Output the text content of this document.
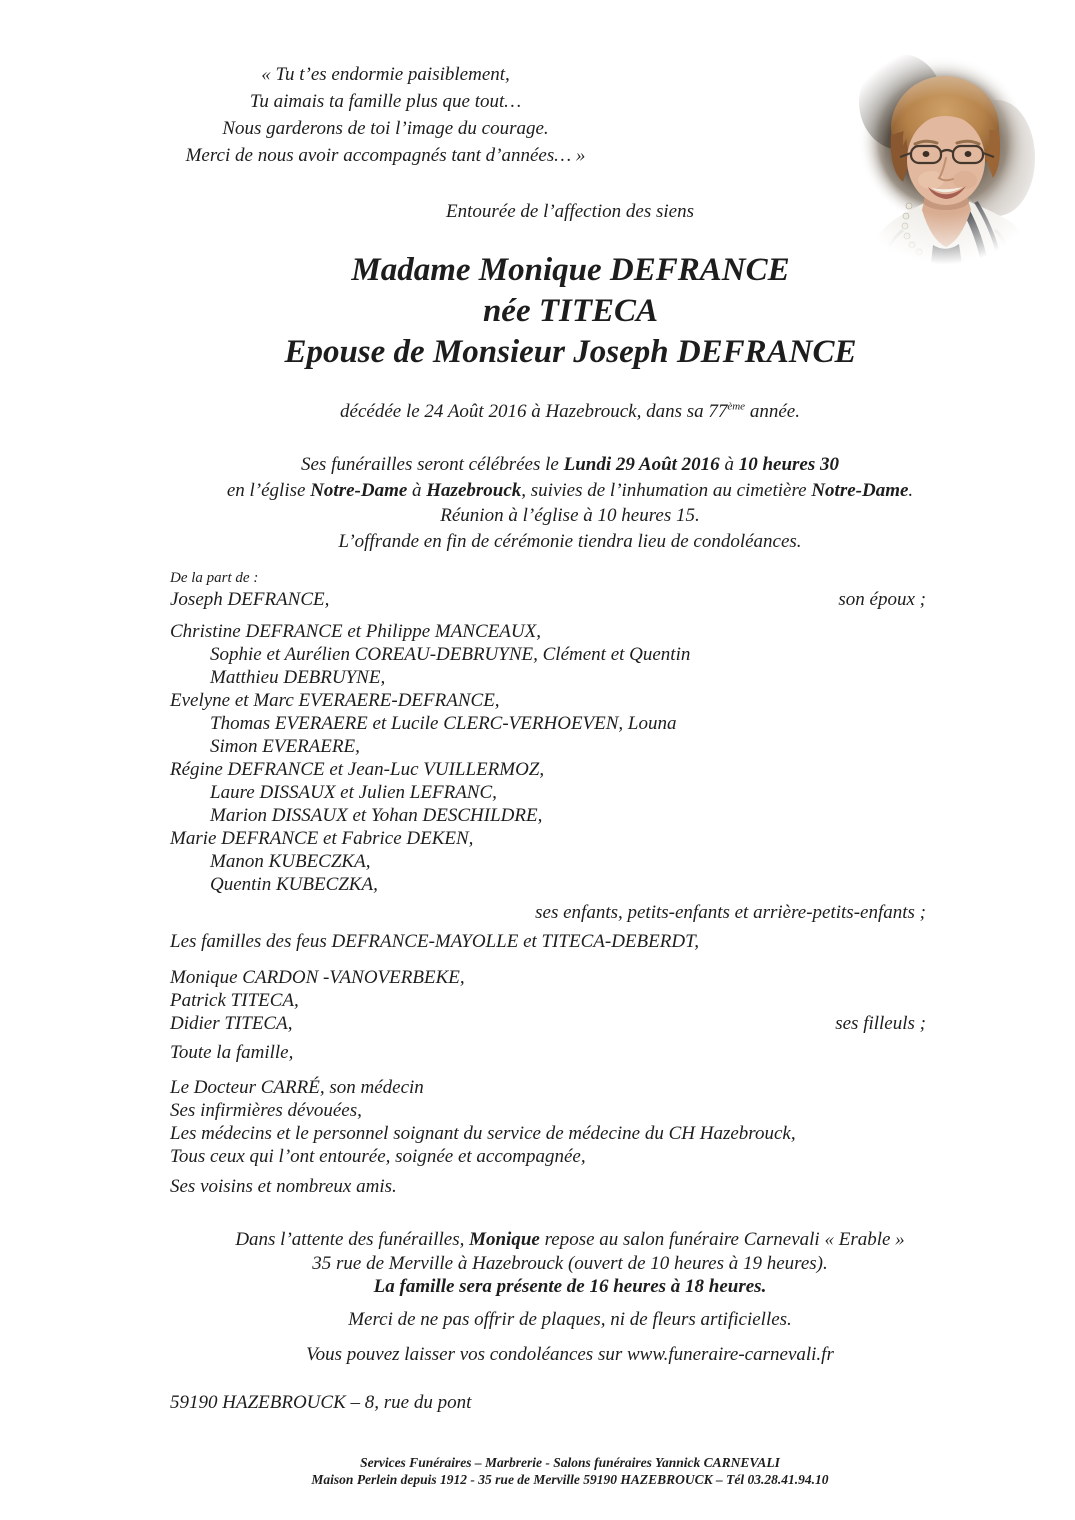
« Tu t’es endormie paisiblement,
Tu aimais ta famille plus que tout…
Nous garderons de toi l’image du courage.
Merci de nous avoir accompagnés tant d’années… »
Entourée de l’affection des siens
Madame Monique DEFRANCE
née TITECA
Epouse de Monsieur Joseph DEFRANCE
décédée le 24 Août 2016 à Hazebrouck, dans sa 77ème année.
Ses funérailles seront célébrées le Lundi 29 Août 2016 à 10 heures 30
en l’église Notre-Dame à Hazebrouck, suivies de l’inhumation au cimetière Notre-Dame.
Réunion à l’église à 10 heures 15.
L’offrande en fin de cérémonie tiendra lieu de condoléances.
De la part de :
Joseph DEFRANCE,	son époux ;
Christine DEFRANCE et Philippe MANCEAUX,
Sophie et Aurélien COREAU-DEBRUYNE, Clément et Quentin
Matthieu DEBRUYNE,
Evelyne et Marc EVERAERE-DEFRANCE,
Thomas EVERAERE et Lucile CLERC-VERHOEVEN, Louna
Simon EVERAERE,
Régine DEFRANCE et Jean-Luc VUILLERMOZ,
Laure DISSAUX et Julien LEFRANC,
Marion DISSAUX et Yohan DESCHILDRE,
Marie DEFRANCE et Fabrice DEKEN,
Manon KUBECZKA,
Quentin KUBECZKA,
ses enfants, petits-enfants et arrière-petits-enfants ;
Les familles des feus DEFRANCE-MAYOLLE et TITECA-DEBERDT,
Monique CARDON -VANOVERBEKE,
Patrick TITECA,
Didier TITECA,	ses filleuls ;
Toute la famille,
Le Docteur CARRÉ, son médecin
Ses infirmières dévouées,
Les médecins et le personnel soignant du service de médecine du CH Hazebrouck,
Tous ceux qui l’ont entourée, soignée et accompagnée,
Ses voisins et nombreux amis.
Dans l’attente des funérailles, Monique repose au salon funéraire Carnevali « Erable »
35 rue de Merville à Hazebrouck (ouvert de 10 heures à 19 heures).
La famille sera présente de 16 heures à 18 heures.
Merci de ne pas offrir de plaques, ni de fleurs artificielles.
Vous pouvez laisser vos condoléances sur www.funeraire-carnevali.fr
59190 HAZEBROUCK – 8, rue du pont
Services Funéraires – Marbrerie - Salons funéraires Yannick CARNEVALI
Maison Perlein depuis 1912 - 35 rue de Merville 59190 HAZEBROUCK – Tél 03.28.41.94.10
